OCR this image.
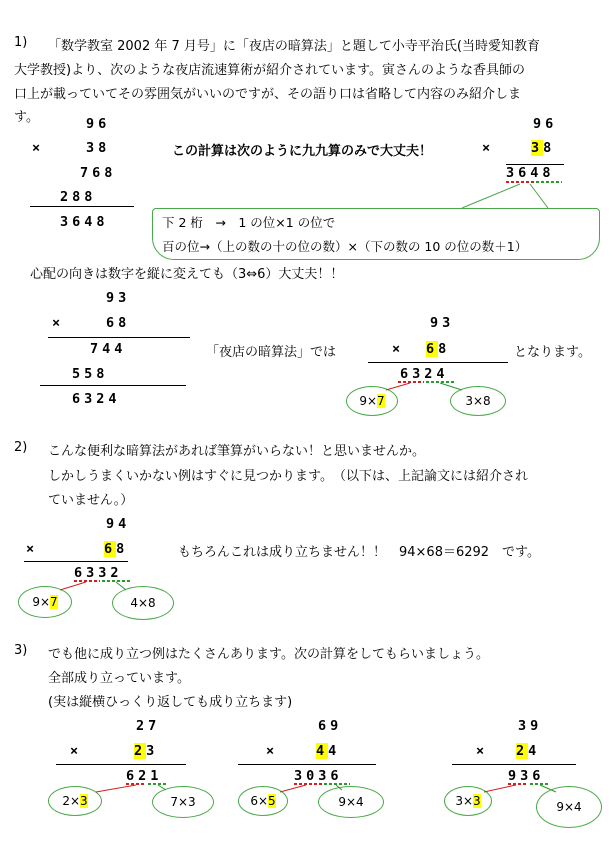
1) 「数学教室 2002 年 7 月号」に「夜店の暗算法」と題して小寺平治氏(当時愛知教育
大学教授)より、次のような夜店流速算術が紹介されています。寅さんのような香具師の
口上が載っていてその雰囲気がいいのですが、その語り口は省略して内容のみ紹介しま
す。	96
×	38
768
288
3648
この計算は次のように九九算のみで大丈夫！	×
96
38
3648
下 2 桁　→　1 の位×1 の位で
百の位→（上の数の十の位の数）×（下の数の 10 の位の数＋1）
心配の向きは数字を縦に変えても（3⇔6）大丈夫！！
93
×	68
744
558
6324
「夜店の暗算法」では
93
× 68
6324
となります。
9× 7	3×8
2) こんな便利な暗算法があれば筆算がいらない！と思いませんか。
しかしうまくいかない例はすぐに見つかります。　（以下は、上記論文には紹介され
ていません。）
94
×	68
6332
9× 7	4×8
もちろんこれは成り立ちません！！　94×68＝6292　です。
3) でも他に成り立つ例はたくさんあります。次の計算をしてもらいましょう。
全部成り立っています。
(実は縦横ひっくり返しても成り立ちます)
27
×	23
621
2× 3	7×3
69
×	44
3036
6× 5	9×4
39
× 24
936
3× 3	9×4
